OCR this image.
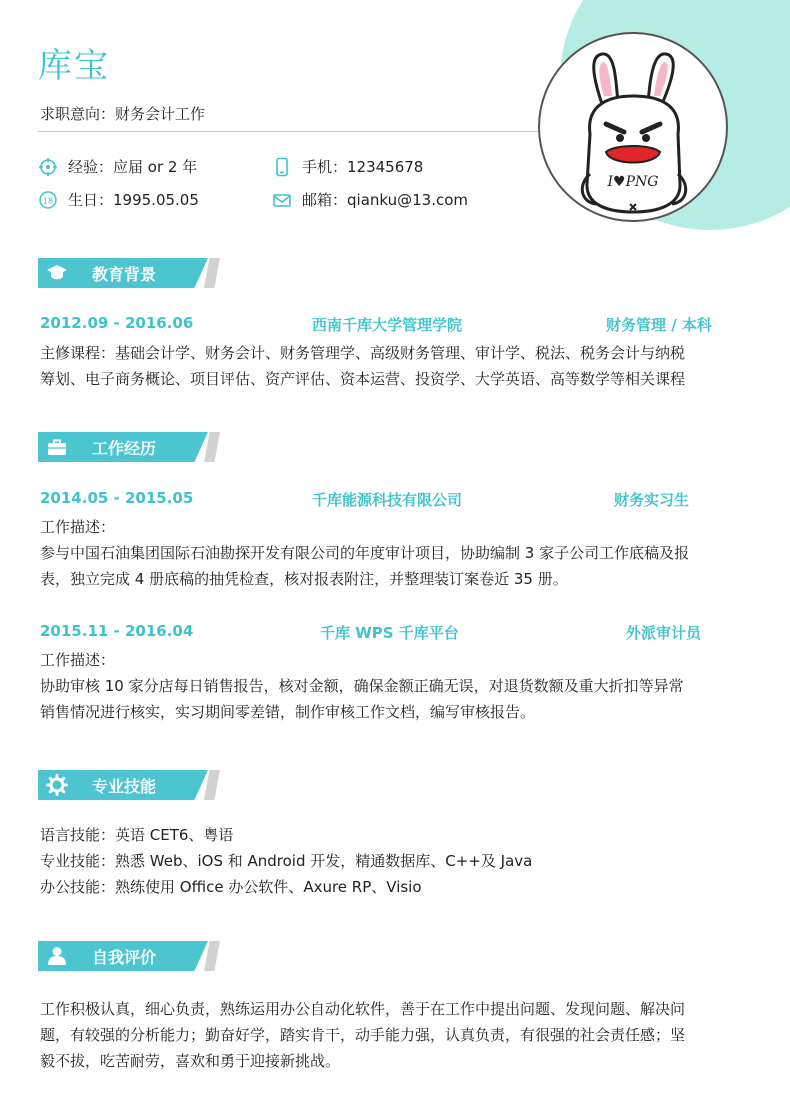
I♥PNG
库宝
求职意向：财务会计工作
经验：应届 or 2 年	手机：12345678
18 生日：1995.05.05	邮箱：qianku@13.com
教育背景
2012.09 - 2016.06	西南千库大学管理学院	财务管理 / 本科
主修课程：基础会计学、财务会计、财务管理学、高级财务管理、审计学、税法、税务会计与纳税
筹划、电子商务概论、项目评估、资产评估、资本运营、投资学、大学英语、高等数学等相关课程
工作经历
2014.05 - 2015.05	千库能源科技有限公司	财务实习生
工作描述：
参与中国石油集团国际石油勘探开发有限公司的年度审计项目，协助编制 3 家子公司工作底稿及报
表，独立完成 4 册底稿的抽凭检查，核对报表附注，并整理装订案卷近 35 册。
2015.11 - 2016.04	千库 WPS 千库平台	外派审计员
工作描述：
协助审核 10 家分店每日销售报告，核对金额，确保金额正确无误，对退货数额及重大折扣等异常
销售情况进行核实，实习期间零差错，制作审核工作文档，编写审核报告。
专业技能
语言技能：英语 CET6、粤语
专业技能：熟悉 Web、iOS 和 Android 开发，精通数据库、C++及 Java
办公技能：熟练使用 Office 办公软件、Axure RP、Visio
自我评价
工作积极认真，细心负责，熟练运用办公自动化软件，善于在工作中提出问题、发现问题、解决问
题，有较强的分析能力；勤奋好学，踏实肯干，动手能力强，认真负责，有很强的社会责任感；坚
毅不拔，吃苦耐劳，喜欢和勇于迎接新挑战。
